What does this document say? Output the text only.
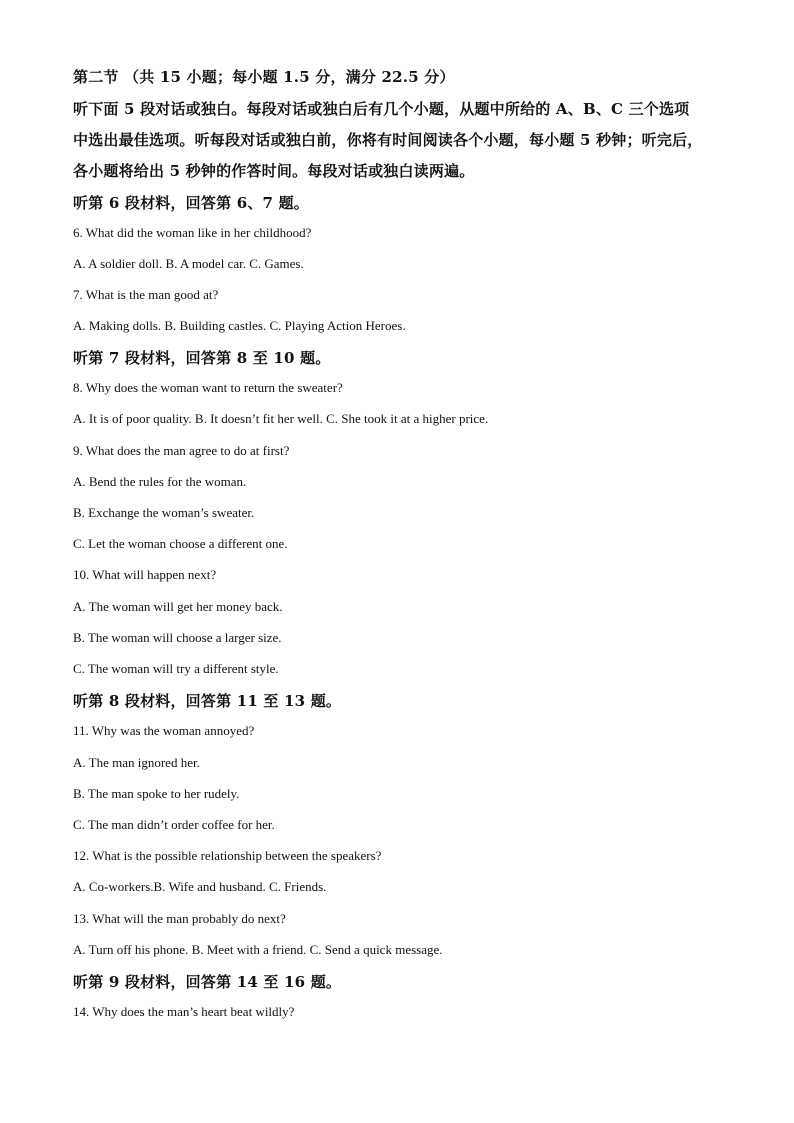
第二节 （共 15 小题；每小题 1.5 分，满分 22.5 分）
听下面 5 段对话或独白。每段对话或独白后有几个小题，从题中所给的 A、B、C 三个选项
中选出最佳选项。听每段对话或独白前，你将有时间阅读各个小题，每小题 5 秒钟；听完后，
各小题将给出 5 秒钟的作答时间。每段对话或独白读两遍。
听第 6 段材料，回答第 6、7 题。
6. What did the woman like in her childhood?
A. A soldier doll. B. A model car. C. Games.
7. What is the man good at?
A. Making dolls. B. Building castles. C. Playing Action Heroes.
听第 7 段材料，回答第 8 至 10 题。
8. Why does the woman want to return the sweater?
A. It is of poor quality. B. It doesn’t fit her well. C. She took it at a higher price.
9. What does the man agree to do at first?
A. Bend the rules for the woman.
B. Exchange the woman’s sweater.
C. Let the woman choose a different one.
10. What will happen next?
A. The woman will get her money back.
B. The woman will choose a larger size.
C. The woman will try a different style.
听第 8 段材料，回答第 11 至 13 题。
11. Why was the woman annoyed?
A. The man ignored her.
B. The man spoke to her rudely.
C. The man didn’t order coffee for her.
12. What is the possible relationship between the speakers?
A. Co-workers.B. Wife and husband. C. Friends.
13. What will the man probably do next?
A. Turn off his phone. B. Meet with a friend. C. Send a quick message.
听第 9 段材料，回答第 14 至 16 题。
14. Why does the man’s heart beat wildly?
